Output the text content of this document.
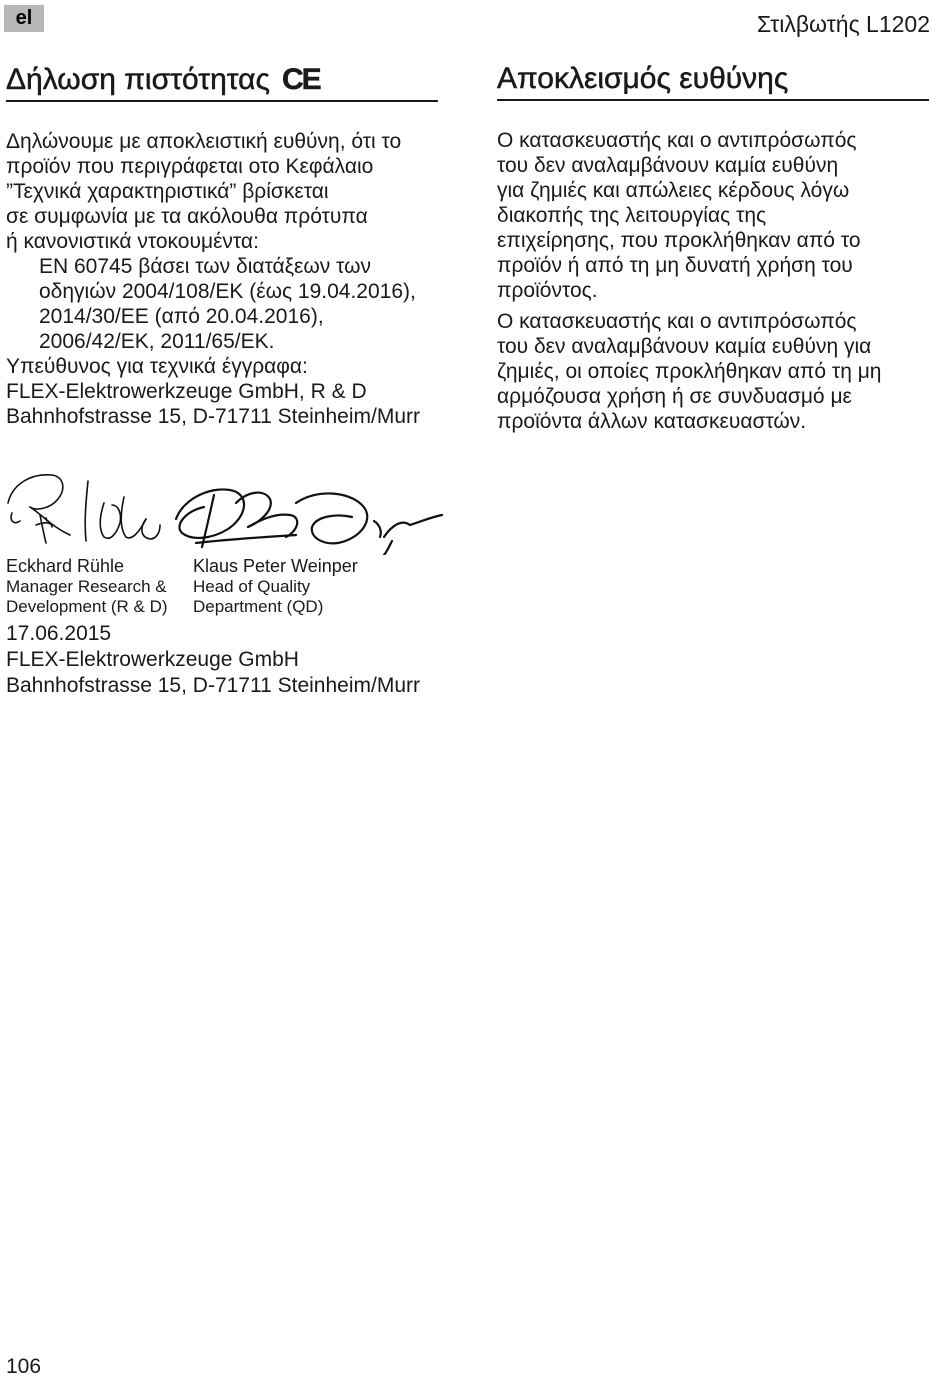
el	Στιλβωτής L1202
Δήλωση πιστότητας CE

Δηλώνουμε με αποκλειστική ευθύνη, ότι το

προϊόν που περιγράφεται οτο Κεφάλαιο

”Τεχνικά χαρακτηριστικά” βρίσκεται

σε συμφωνία με τα ακόλουθα πρότυπα

ή κανονιστικά ντοκουμέντα:

EN 60745 βάσει των διατάξεων των

οδηγιών 2004/108/EK (έως 19.04.2016),

2014/30/EE (από 20.04.2016),

2006/42/EK, 2011/65/EK.

Υπεύθυνος για τεχνικά έγγραφα:

FLEX-Elektrowerkzeuge GmbH, R & D

Bahnhofstrasse 15, D-71711 Steinheim/Murr

Αποκλεισμός ευθύνης

Ο κατασκευαστής και ο αντιπρόσωπός

του δεν αναλαμβάνουν καμία ευθύνη

για ζημιές και απώλειες κέρδους λόγω

διακοπής της λειτουργίας της

επιχείρησης, που προκλήθηκαν από το

προϊόν ή από τη μη δυνατή χρήση του

προϊόντος.

Ο κατασκευαστής και ο αντιπρόσωπός

του δεν αναλαμβάνουν καμία ευθύνη για

ζημιές, οι οποίες προκλήθηκαν από τη μη

αρμόζουσα χρήση ή σε συνδυασμό με

προϊόντα άλλων κατασκευαστών.

Eckhard Rühle

Manager Research &

Development (R & D)

Klaus Peter Weinper

Head of Quality

Department (QD)

17.06.2015

FLEX-Elektrowerkzeuge GmbH

Bahnhofstrasse 15, D-71711 Steinheim/Murr

106
